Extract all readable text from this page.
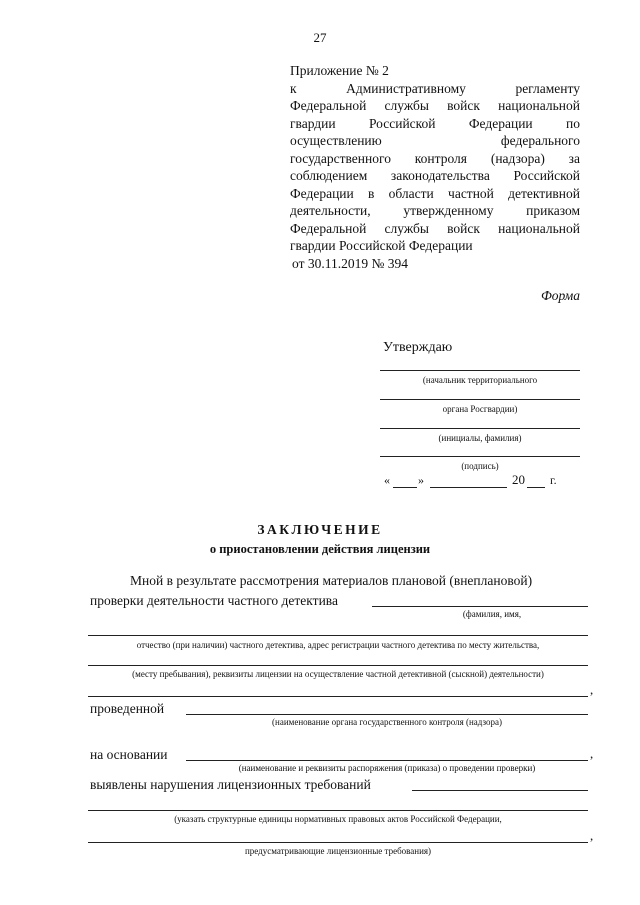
27
Приложение № 2
к Административному регламенту
Федеральной службы войск национальной
гвардии Российской Федерации по
осуществлению федерального
государственного контроля (надзора) за
соблюдением законодательства Российской
Федерации в области частной детективной
деятельности, утвержденному приказом
Федеральной службы войск национальной
гвардии Российской Федерации
от 30.11.2019 № 394
Форма
Утверждаю
(начальник территориального
органа Росгвардии)
(инициалы, фамилия)
(подпись)
« »	20 г.
ЗАКЛЮЧЕНИЕ
о приостановлении действия лицензии
Мной в результате рассмотрения материалов плановой (внеплановой)
проверки деятельности частного детектива
(фамилия, имя,
отчество (при наличии) частного детектива, адрес регистрации частного детектива по месту жительства,
(месту пребывания), реквизиты лицензии на осуществление частной детективной (сыскной) деятельности)
,
проведенной
(наименование органа государственного контроля (надзора)
на основании	,
(наименование и реквизиты распоряжения (приказа) о проведении проверки)
выявлены нарушения лицензионных требований
(указать структурные единицы нормативных правовых актов Российской Федерации,
,
предусматривающие лицензионные требования)
